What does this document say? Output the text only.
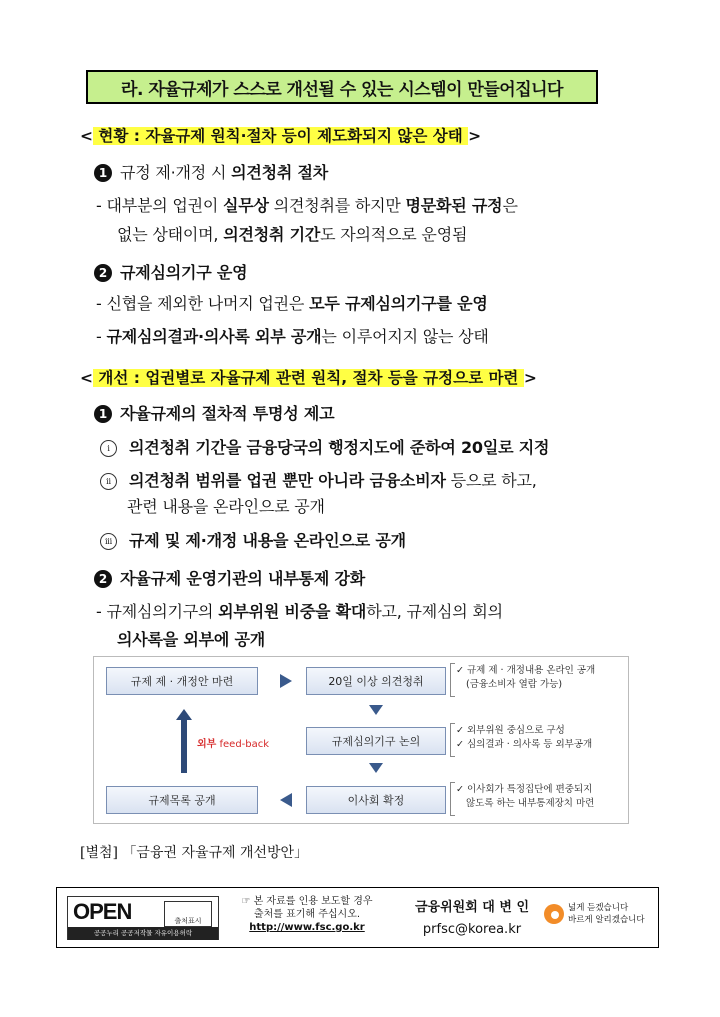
라. 자율규제가 스스로 개선될 수 있는 시스템이 만들어집니다
< 현황 : 자율규제 원칙·절차 등이 제도화되지 않은 상태 >
1 규정 제·개정 시 의견청취 절차
- 대부분의 업권이 실무상 의견청취를 하지만 명문화된 규정은
없는 상태이며, 의견청취 기간도 자의적으로 운영됨
2 규제심의기구 운영
- 신협을 제외한 나머지 업권은 모두 규제심의기구를 운영
- 규제심의결과·의사록 외부 공개는 이루어지지 않는 상태
< 개선 : 업권별로 자율규제 관련 원칙, 절차 등을 규정으로 마련 >
1 자율규제의 절차적 투명성 제고
i 의견청취 기간을 금융당국의 행정지도에 준하여 20일로 지정
ii 의견청취 범위를 업권 뿐만 아니라 금융소비자 등으로 하고,
관련 내용을 온라인으로 공개
iii 규제 및 제·개정 내용을 온라인으로 공개
2 자율규제 운영기관의 내부통제 강화
- 규제심의기구의 외부위원 비중을 확대하고, 규제심의 회의
의사록을 외부에 공개
규제 제 · 개정안 마련	20일 이상 의견청취
✓ 규제 제 · 개정내용 온라인 공개
(금융소비자 열람 가능)
규제심의기구 논의
✓ 외부위원 중심으로 구성
✓ 심의결과 · 의사록 등 외부공개
외부 feed-back
규제목록 공개	이사회 확정
✓ 이사회가 특정집단에 편중되지
않도록 하는 내부통제장치 마련
[별첨] 「금융권 자율규제 개선방안」
OPEN	출처표시
공공누리 공공저작물 자유이용허락
☞ 본 자료를 인용 보도할 경우
출처를 표기해 주십시오.
http://www.fsc.go.kr
금융위원회 대 변 인
prfsc@korea.kr
넓게 듣겠습니다
바르게 알리겠습니다
